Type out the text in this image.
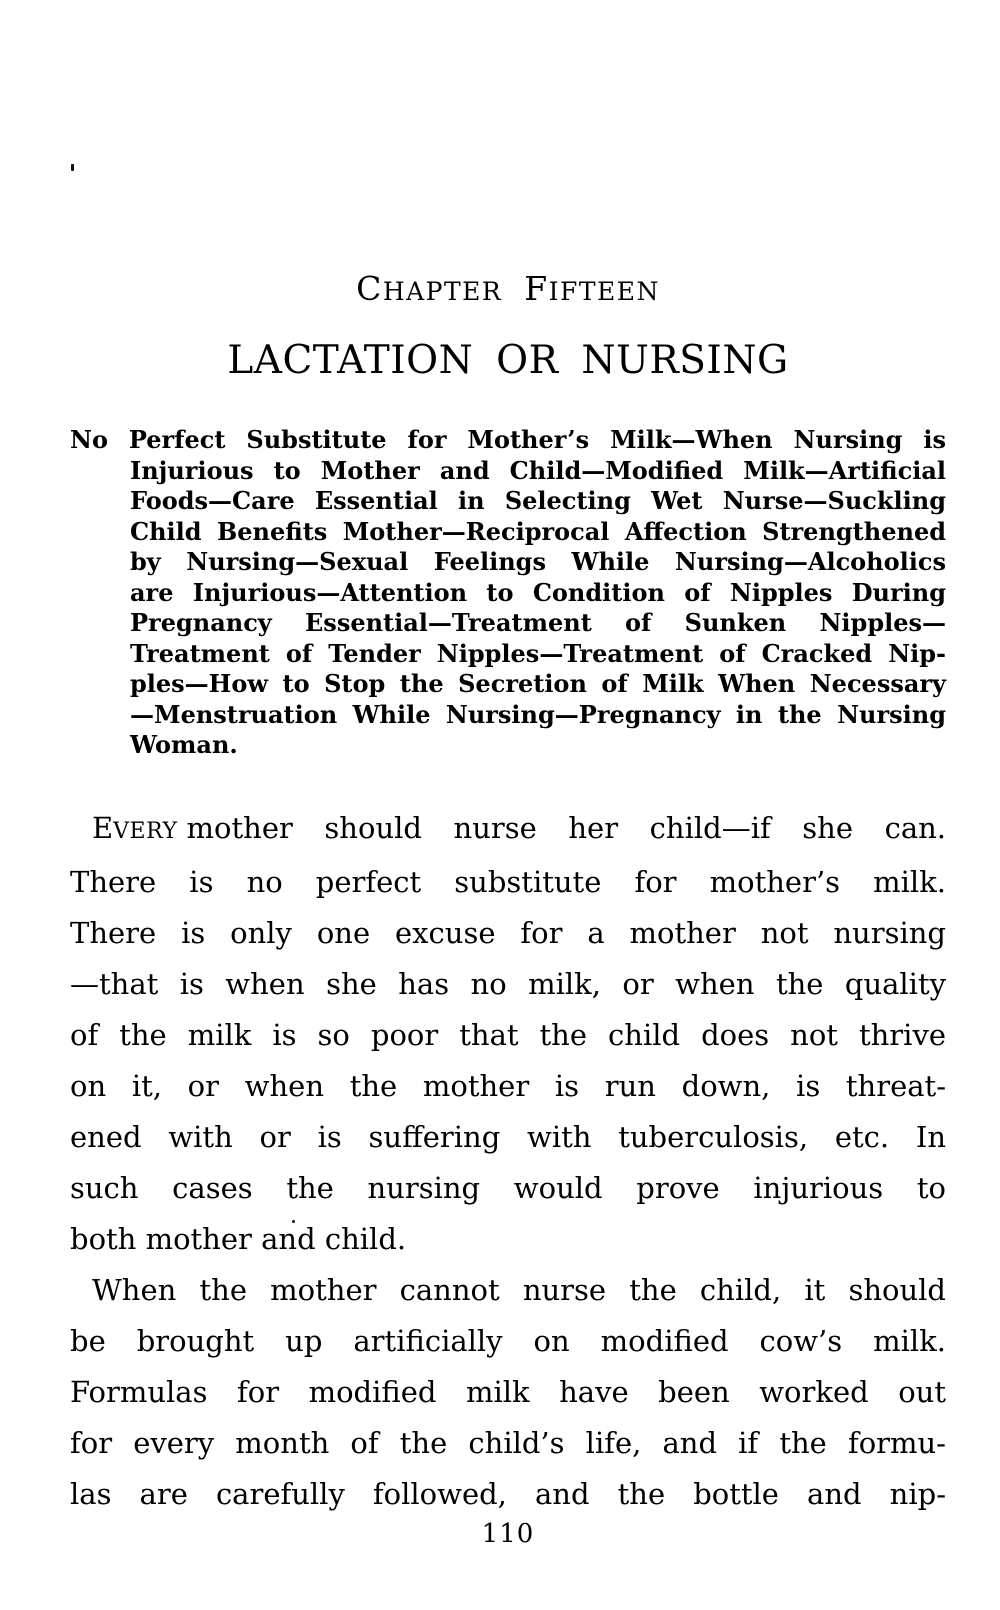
CHAPTER FIFTEEN
LACTATION OR NURSING
No Perfect Substitute for Mother’s Milk—When Nursing is
Injurious to Mother and Child—Modified Milk—Artificial
Foods—Care Essential in Selecting Wet Nurse—Suckling
Child Benefits Mother—Reciprocal Affection Strengthened
by Nursing—Sexual Feelings While Nursing—Alcoholics
are Injurious—Attention to Condition of Nipples During
Pregnancy Essential—Treatment of Sunken Nipples—
Treatment of Tender Nipples—Treatment of Cracked Nip-
ples—How to Stop the Secretion of Milk When Necessary
—Menstruation While Nursing—Pregnancy in the Nursing
Woman.
EVERY mother should nurse her child—if she can.
There is no perfect substitute for mother’s milk.
There is only one excuse for a mother not nursing
—that is when she has no milk, or when the quality
of the milk is so poor that the child does not thrive
on it, or when the mother is run down, is threat-
ened with or is suffering with tuberculosis, etc. In
such cases the nursing would prove injurious to
both mother and child.
When the mother cannot nurse the child, it should
be brought up artificially on modified cow’s milk.
Formulas for modified milk have been worked out
for every month of the child’s life, and if the formu-
las are carefully followed, and the bottle and nip-
110
